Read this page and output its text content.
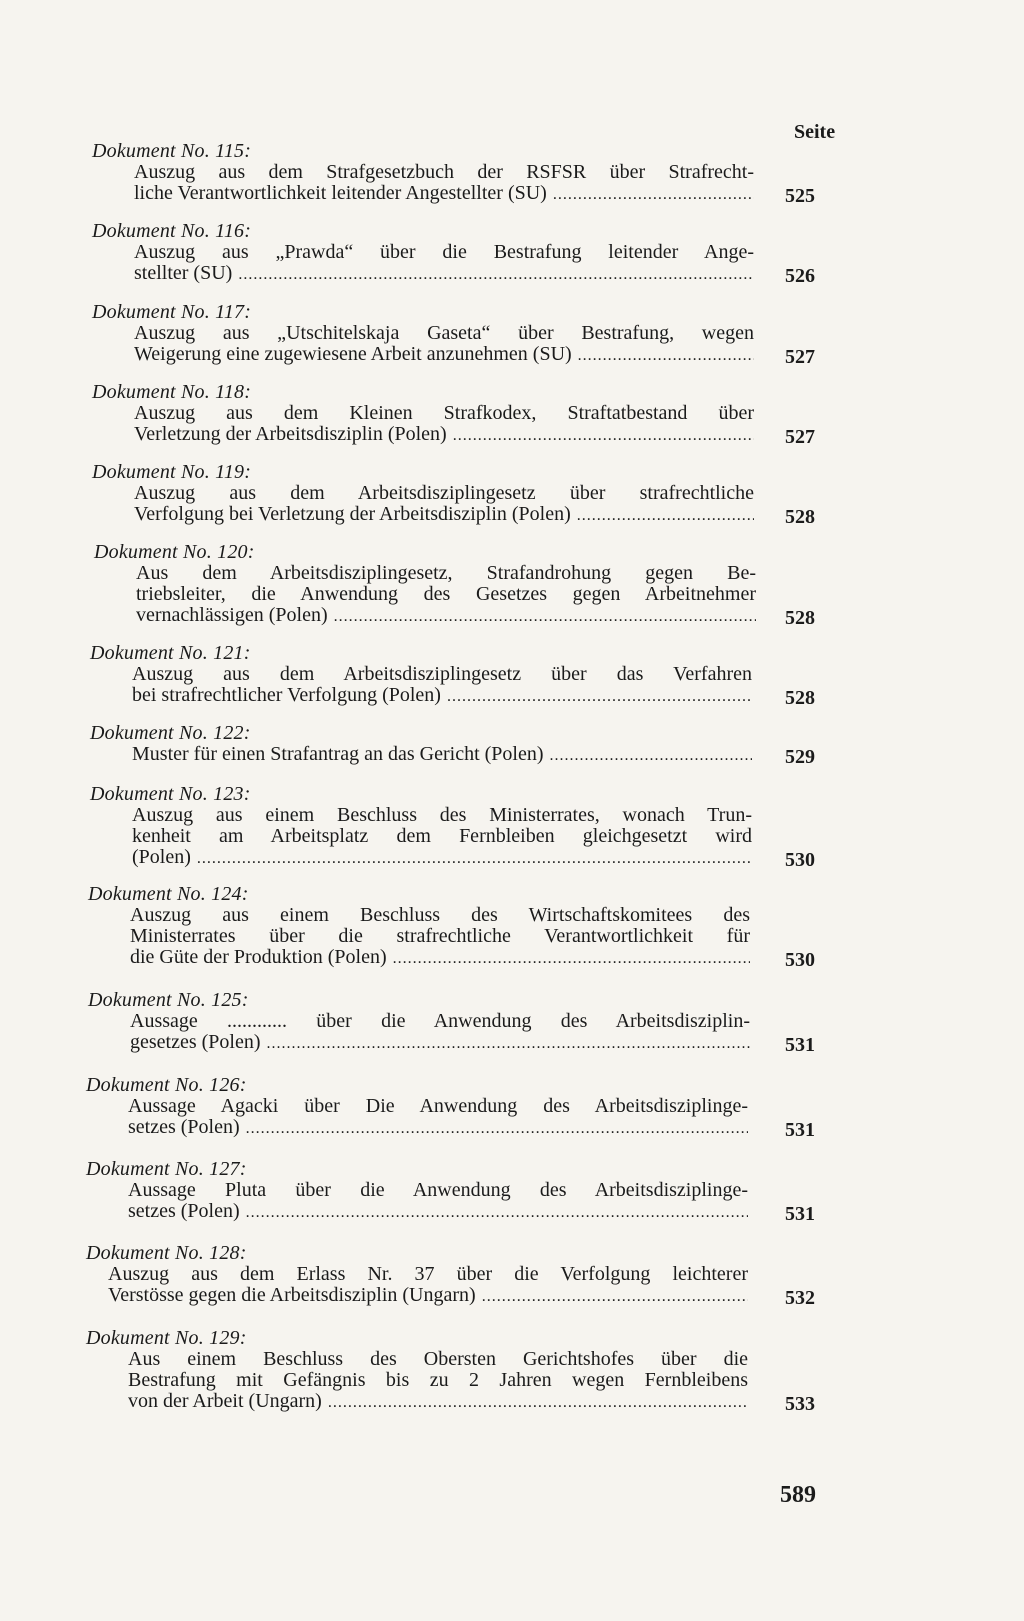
Seite
Dokument No. 115:
Auszug aus dem Strafgesetzbuch der RSFSR über Strafrecht-
liche Verantwortlichkeit leitender Angestellter (SU) .....	525
Dokument No. 116:
Auszug aus „Prawda“ über die Bestrafung leitender Ange-
stellter (SU) .....	526
Dokument No. 117:
Auszug aus „Utschitelskaja Gaseta“ über Bestrafung, wegen
Weigerung eine zugewiesene Arbeit anzunehmen (SU) .....	527
Dokument No. 118:
Auszug aus dem Kleinen Strafkodex, Straftatbestand über
Verletzung der Arbeitsdisziplin (Polen) .....	527
Dokument No. 119:
Auszug aus dem Arbeitsdisziplingesetz über strafrechtliche
Verfolgung bei Verletzung der Arbeitsdisziplin (Polen) .....	528
Dokument No. 120:
Aus dem Arbeitsdisziplingesetz, Strafandrohung gegen Be-
triebsleiter, die Anwendung des Gesetzes gegen Arbeitnehmer
vernachlässigen (Polen) .....	528
Dokument No. 121:
Auszug aus dem Arbeitsdisziplingesetz über das Verfahren
bei strafrechtlicher Verfolgung (Polen) .....	528
Dokument No. 122:
Muster für einen Strafantrag an das Gericht (Polen) .....	529
Dokument No. 123:
Auszug aus einem Beschluss des Ministerrates, wonach Trun-
kenheit am Arbeitsplatz dem Fernbleiben gleichgesetzt wird
(Polen) .....	530
Dokument No. 124:
Auszug aus einem Beschluss des Wirtschaftskomitees des
Ministerrates über die strafrechtliche Verantwortlichkeit für
die Güte der Produktion (Polen) .....	530
Dokument No. 125:
Aussage ............ über die Anwendung des Arbeitsdisziplin-
gesetzes (Polen) .....	531
Dokument No. 126:
Aussage Agacki über Die Anwendung des Arbeitsdisziplinge-
setzes (Polen) .....	531
Dokument No. 127:
Aussage Pluta über die Anwendung des Arbeitsdisziplinge-
setzes (Polen) .....	531
Dokument No. 128:
Auszug aus dem Erlass Nr. 37 über die Verfolgung leichterer
Verstösse gegen die Arbeitsdisziplin (Ungarn) .....	532
Dokument No. 129:
Aus einem Beschluss des Obersten Gerichtshofes über die
Bestrafung mit Gefängnis bis zu 2 Jahren wegen Fernbleibens
von der Arbeit (Ungarn) .....	533
589
